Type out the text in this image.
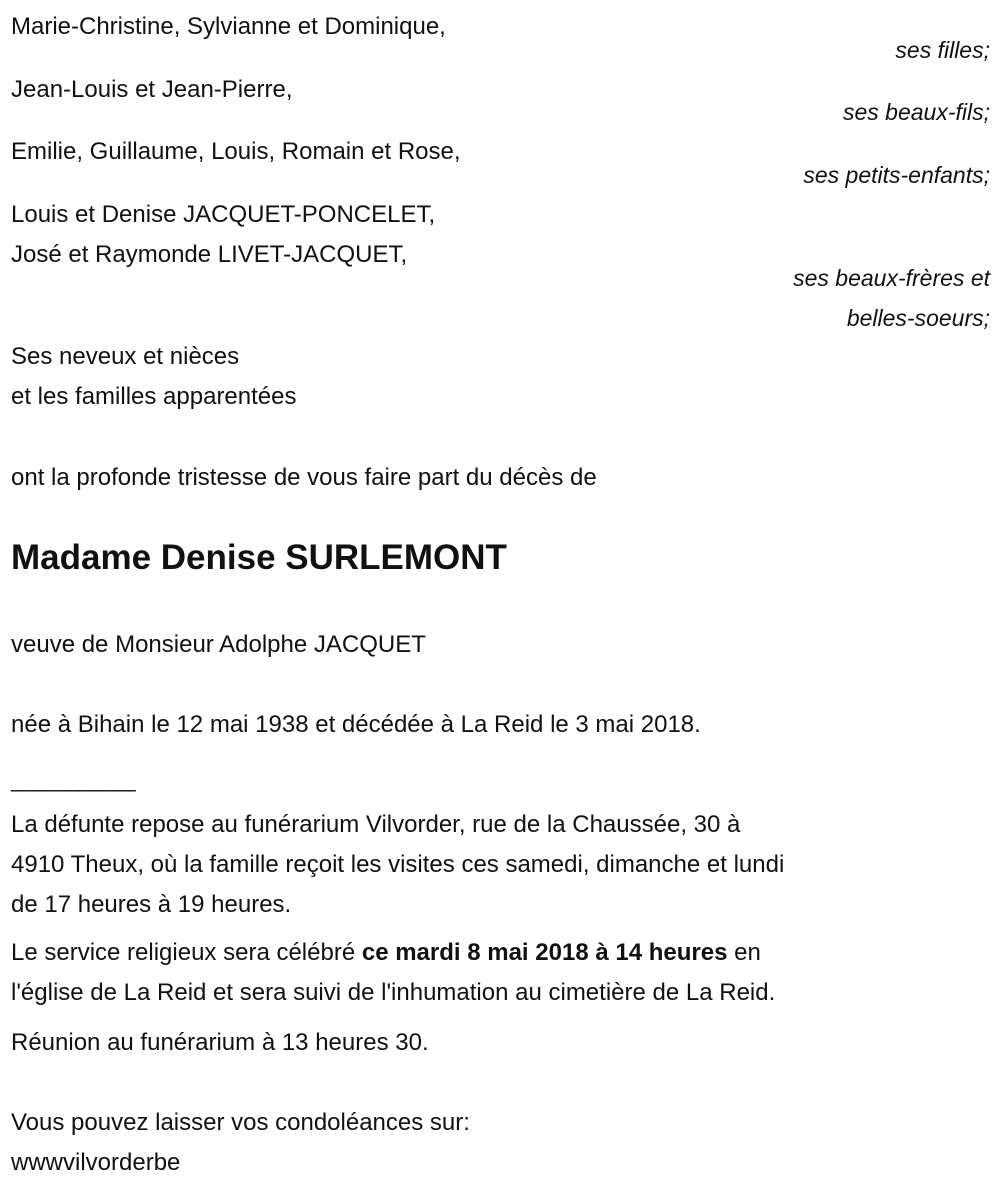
Marie-Christine, Sylvianne et Dominique,
ses filles;
Jean-Louis et Jean-Pierre,
ses beaux-fils;
Emilie, Guillaume, Louis, Romain et Rose,
ses petits-enfants;
Louis et Denise JACQUET-PONCELET,
José et Raymonde LIVET-JACQUET,
ses beaux-frères et
belles-soeurs;
Ses neveux et nièces
et les familles apparentées
ont la profonde tristesse de vous faire part du décès de
Madame Denise SURLEMONT
veuve de Monsieur Adolphe JACQUET
née à Bihain le 12 mai 1938 et décédée à La Reid le 3 mai 2018.
___________
La défunte repose au funérarium Vilvorder, rue de la Chaussée, 30 à
4910 Theux, où la famille reçoit les visites ces samedi, dimanche et lundi
de 17 heures à 19 heures.
Le service religieux sera célébré ce mardi 8 mai 2018 à 14 heures en
l'église de La Reid et sera suivi de l'inhumation au cimetière de La Reid.
Réunion au funérarium à 13 heures 30.
Vous pouvez laisser vos condoléances sur:
wwwvilvorderbe
